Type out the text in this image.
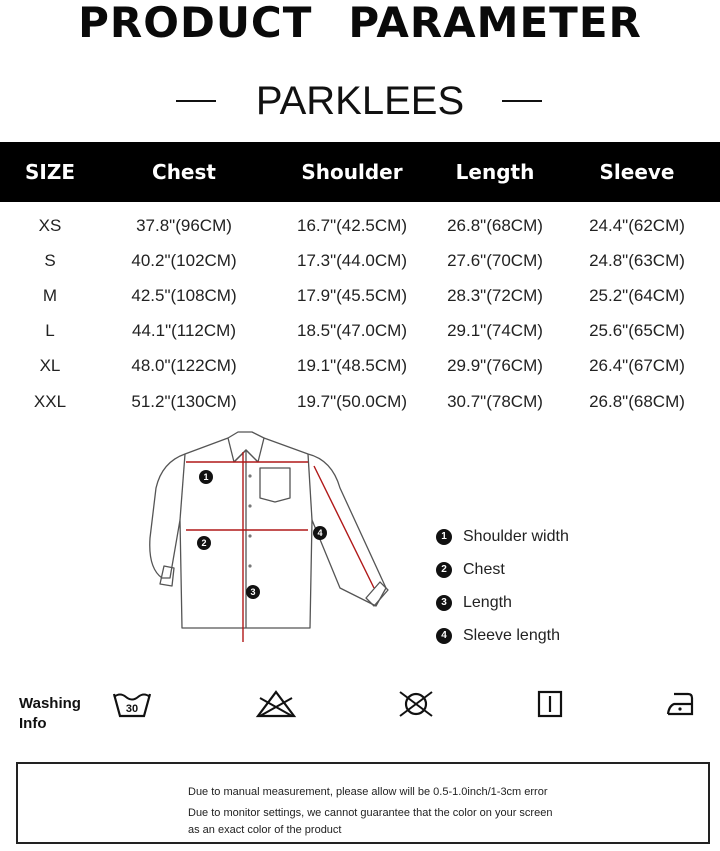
PRODUCT PARAMETER
PARKLEES
SIZE	Chest	Shoulder	Length	Sleeve
XS	37.8"(96CM)	16.7"(42.5CM)	26.8"(68CM)	24.4"(62CM)
S	40.2"(102CM)	17.3"(44.0CM)	27.6"(70CM)	24.8"(63CM)
M	42.5"(108CM)	17.9"(45.5CM)	28.3"(72CM)	25.2"(64CM)
L	44.1"(112CM)	18.5"(47.0CM)	29.1"(74CM)	25.6"(65CM)
XL	48.0"(122CM)	19.1"(48.5CM)	29.9"(76CM)	26.4"(67CM)
XXL	51.2"(130CM)	19.7"(50.0CM)	30.7"(78CM)	26.8"(68CM)
1
2
3
4	1	Shoulder width
2	Chest
3	Length
4	Sleeve length
Washing
Info
30
Due to manual measurement, please allow will be 0.5-1.0inch/1-3cm error
Due to monitor settings, we cannot guarantee that the color on your screen
as an exact color of the product
